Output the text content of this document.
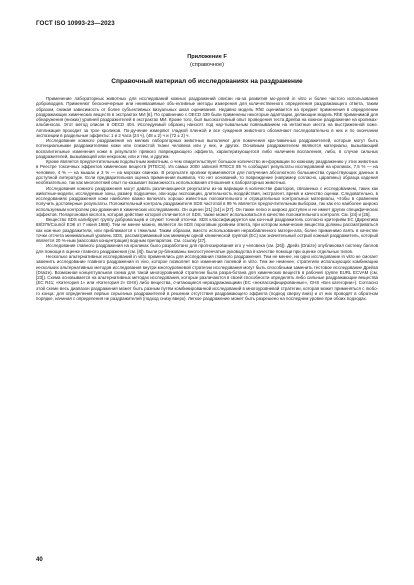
ГОСТ ISO 10993-23—2023
Приложение F
(справочное)
Справочный материал об исследованиях на раздражение

Применение лабораторных животных для исследований кожных раздражений описан на-за развития мо-делей in vitro и более частого использования доброводцев. Применяют бесконечерные или неинвазивные объ-ективные методы измерения для количественного определения раздражающего ответа, таким образом, снижая зависимость от более субъективных визуальных шкал оценивания. Недавно модель RhE оценивается на предмет применения в определении раздражающих химических веществ в экстрактах МИ [6]. По сравнению с OECD 439 были применены некоторые адаптации, делающие модель RhE применимой для обнаружения (низких) уровней раздражителей в экстрактах МИ. Кроме того, был высокоэтапный опыт проведения теста Дрейза на кожное раздражение на кроликах-альбиносах. Этот метод описан в OECD 404. Исследуемый образец наносят под нар-тывальным повязыванием на интактные места на выстриженной коже. Аппликация проходит за трое кроликов. По-дучение измеряют гладкой пленкой и все суждения животного обозначают последовательно в них и по окончании экспозиции в раздельные эффекты: 1 и 2 часа (24 ч), (48 ± 2) ч и (72 ± 2) ч.

Исследование кожного раздражения на мелких лабораторных животных выполняют для помечения кра-тимичных раздражителей, которые могут быть потенциальными раздражителями кожи или слизистой ткани человека или у них, и других. Основным раздражителем являются материалы, вызывающий воспалительные изменения кожи в результате прямого повреждающего эффекта, характеризующегося либо наличием воспаления, либо, в случае сильных раздражителей, вызывающей или некрозом, или и тем, и другим.

Кроме является предпочтительным подопытным животным, о чем свидетельствует большое количество ин-формации по кожному раздражению у этих животных в Реестре токсичных эффектов химических веществ (RTECS). Из самых 2000 записей RTECS 85 % сообщают результаты исследований на кроликах, 7,5 % — на человеке, 4 % — на мышах и 3 % — на морских свинках. В результате кролики применяются для получения абсолютного большинства существующих данных в доступной литературе. Если предварительная оценка применения выявила, что нет оснований, то повреждение (например согласно, царапины) образца кадения необязательно, так как многолетний опыт по-казывает возможность использования отношения к лабораторных животных.

Исследования кожного раздражения могут давать различающиеся результаты из-за вариации в количестве факторов, связанных с исследованием, таких как животные-модели, исследуемые зоны, размер подушечки, эпи-зоды экспозиции, длительность воздействия, экстрагент, время и качество оценки. Следовательно, в исследованиях раздражения кожи наиболее важно включать хорошо известных положительного и отрицательных контрольных материалы, чтобы в сравнении получить достоверные результаты. Положительный контроль раздражителя SDS частотой в 99 % является предпочтительным выбором, так как его наиболее широко используемым контролем раз-дражения в химических исследованиях. Он оценен [21] [14] и [27]. Он также легко и широко доступен и не имеет других специфических эффектов. Пеларгоновая кислота, которая действие которой отличается от SDS, также может использоваться в качестве положительного контроля. См. [24] и [25].

Вещество SDS калибрует группу добровольцев и служит точной отсечки. SDS классифицируется как кон-ный раздражитель согласно критериям ЕС (Директива 88/379/Council ЕЭК от 7 июня 1988). Тем не менее можно, является ли SDS пороговым уровнем ответа, при котором химические вещества должны рассматриваться как кож-ные раздражители, или приближается к тяжелым. Таким образом, вместо использования неразбавленного матери-ала, более применимо взять в качестве точки отсчета минимальный уровень SDS, рассматриваемый как минимум одной клинической группой (ЕС) как значительный острый кожный раздражитель, который является 20 %-ным (массовая концентрация) водным препаратом. См. ссылку [27].

Исследования главного раздражения на кроликах было разработано для прогнозирования его у человека (см. [26]). Дрейз (Draize) опубликовал систему баллов для помощи в оценке главного раздражения (см. [8]). Были ру-бликованы многоступенчатые руководства в качестве помощи при оценке отдельных типов.

Несколько альтернативных исследований in vitro применялись для исследования главного раздражения. Тем не менее, ни одно исследование in vitro не смогает заменить исследование главного раздражения in vivo, которое позволяет все изменения полевой in vitro. Тем же неменее, стратегиях использующих комбинацию нескольких альтернативных методов исследования внутри многоуровневой стратегии исследования могут быть способными заменить тестовое исследование Дрейза (Draize). Возможная концептуальная схема для такой многоуровневой стратегии была разра-ботана для химических веществ в рабочей группе EURL ECVAM (см. [23]). Схема основывается на альтернативных методах исследования, которые различаются в своей способности определять либо сильные раздражающие вещества (ЕС R41; «Категория 1» или «Категория 2» GHS) либо вещества, считающиеся нераздражающими (ЕС «неклассифицированные», GHS «Без категории»). Согласно этой схеме весь диапазон раздражения может быть разным путём комбинированной исследований в многоуровневой стратегии, которая может применяться с любо-го конца: для определения первых серьезных раздражителей в решении отсутствия раздражающего эффекта (подход сверху вниз) и от них проводят в обратном порядке, начиная с определения не раздражителей (подход снизу вверх). Легкое раздражение может быть разрешено на последнем уровне при обоих подходах.

40
